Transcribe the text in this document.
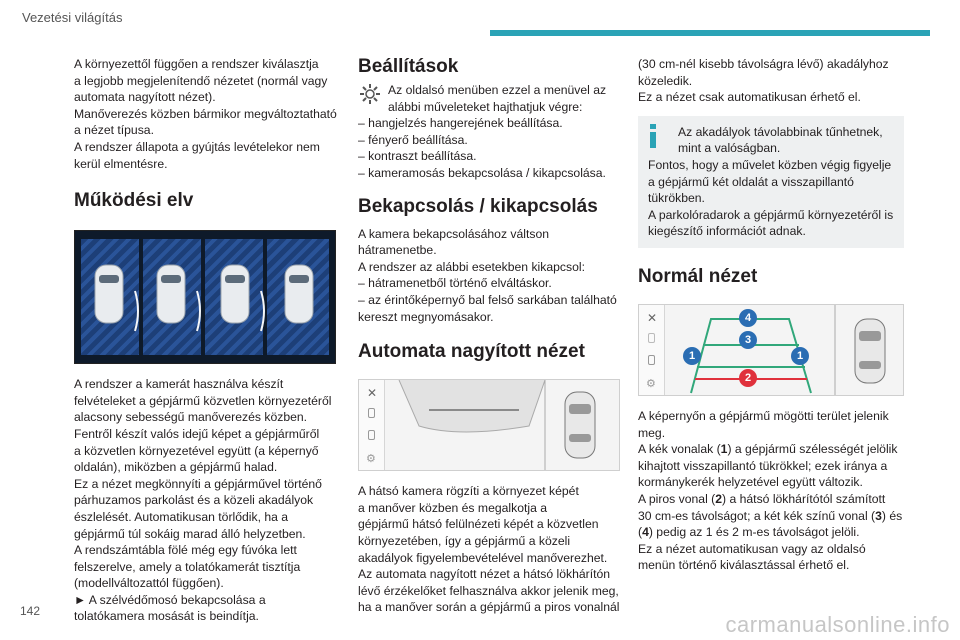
Vezetési világítás
A környezettől függően a rendszer kiválasztja
a legjobb megjelenítendő nézetet (normál vagy
automata nagyított nézet).
Manőverezés közben bármikor megváltoztatható
a nézet típusa.
A rendszer állapota a gyújtás levételekor nem
kerül elmentésre.
Működési elv
A rendszer a kamerát használva készít
felvételeket a gépjármű közvetlen környezetéről
alacsony sebességű manőverezés közben.
Fentről készít valós idejű képet a gépjárműről
a közvetlen környezetével együtt (a képernyő
oldalán), miközben a gépjármű halad.
Ez a nézet megkönnyíti a gépjárművel történő
párhuzamos parkolást és a közeli akadályok
észlelését. Automatikusan törlődik, ha a
gépjármű túl sokáig marad álló helyzetben.
A rendszámtábla fölé még egy fúvóka lett
felszerelve, amely a tolatókamerát tisztítja
(modellváltozattól függően).
► A szélvédőmosó bekapcsolása a
tolatókamera mosását is beindítja.
Beállítások
Az oldalsó menüben ezzel a menüvel az
alábbi műveleteket hajthatjuk végre:
– hangjelzés hangerejének beállítása.
– fényerő beállítása.
– kontraszt beállítása.
– kameramosás bekapcsolása / kikapcsolása.
Bekapcsolás / kikapcsolás
A kamera bekapcsolásához váltson
hátramenetbe.
A rendszer az alábbi esetekben kikapcsol:
– hátramenetből történő elváltáskor.
– az érintőképernyő bal felső sarkában található
kereszt megnyomásakor.
Automata nagyított nézet
✕
⚙
A hátsó kamera rögzíti a környezet képét
a manőver közben és megalkotja a
gépjármű hátsó felülnézeti képét a közvetlen
környezetében, így a gépjármű a közeli
akadályok figyelembevételével manőverezhet.
Az automata nagyított nézet a hátsó lökhárítón
lévő érzékelőket felhasználva akkor jelenik meg,
ha a manőver során a gépjármű a piros vonalnál
(30 cm-nél kisebb távolságra lévő) akadályhoz
közeledik.
Ez a nézet csak automatikusan érhető el.
Az akadályok távolabbinak tűnhetnek,
mint a valóságban.
Fontos, hogy a művelet közben végig figyelje
a gépjármű két oldalát a visszapillantó
tükrökben.
A parkolóradarok a gépjármű környezetéről is
kiegészítő információt adnak.
Normál nézet
✕
⚙
4
3
1	1
2
A képernyőn a gépjármű mögötti terület jelenik
meg.
A kék vonalak (1) a gépjármű szélességét jelölik
kihajtott visszapillantó tükrökkel; ezek iránya a
kormánykerék helyzetével együtt változik.
A piros vonal (2) a hátsó lökhárítótól számított
30 cm-es távolságot; a két kék színű vonal (3) és
(4) pedig az 1 és 2 m-es távolságot jelöli.
Ez a nézet automatikusan vagy az oldalsó
menün történő kiválasztással érhető el.
142
carmanualsonline.info
